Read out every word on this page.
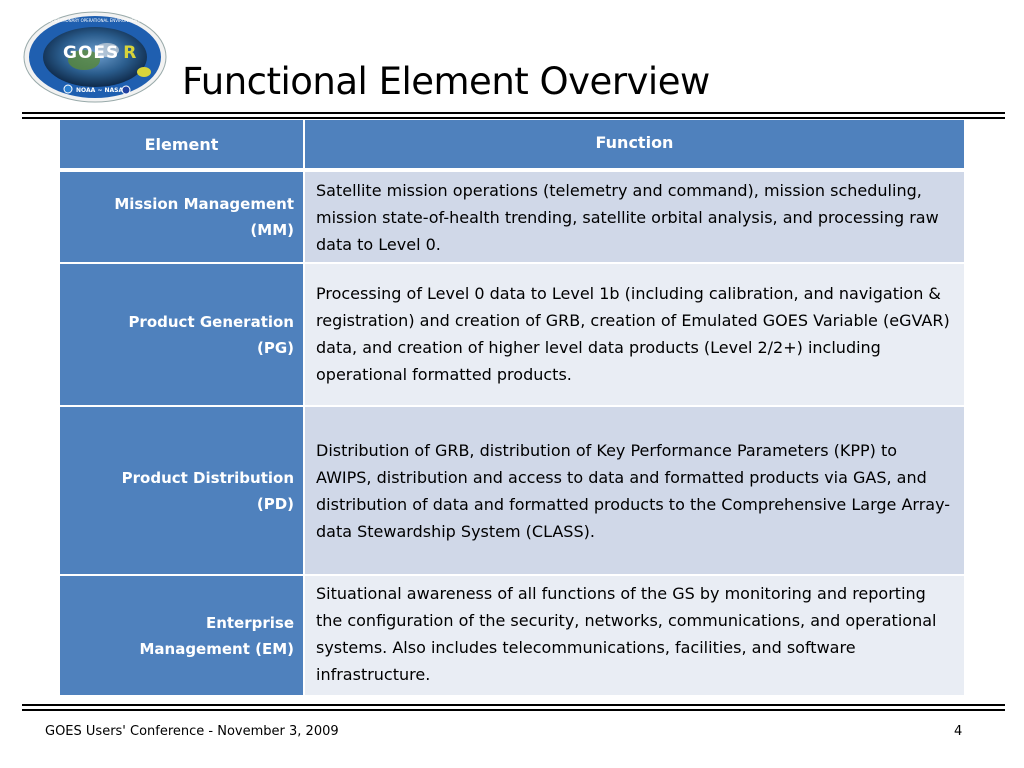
GOES R
NOAA ~ NASA
GEOSTATIONARY OPERATIONAL ENVIRONMENTAL SATELLITE
Functional Element Overview
Element	Function
Mission Management
(MM)
Satellite mission operations (telemetry and command), mission scheduling, mission state-of-health trending, satellite orbital analysis, and processing raw data to Level 0.
Product Generation
(PG)
Processing of Level 0 data to Level 1b (including calibration, and navigation & registration) and creation of GRB, creation of Emulated GOES Variable (eGVAR) data, and creation of higher level data products (Level 2/2+) including operational formatted products.
Product Distribution
(PD)
Distribution of GRB, distribution of Key Performance Parameters (KPP) to AWIPS, distribution and access to data and formatted products via GAS, and distribution of data and formatted products to the Comprehensive Large Array-data Stewardship System (CLASS).
Enterprise
Management (EM)
Situational awareness of all functions of the GS by monitoring and reporting the configuration of the security, networks, communications, and operational systems. Also includes telecommunications, facilities, and software infrastructure.
GOES Users' Conference - November 3, 2009	4
